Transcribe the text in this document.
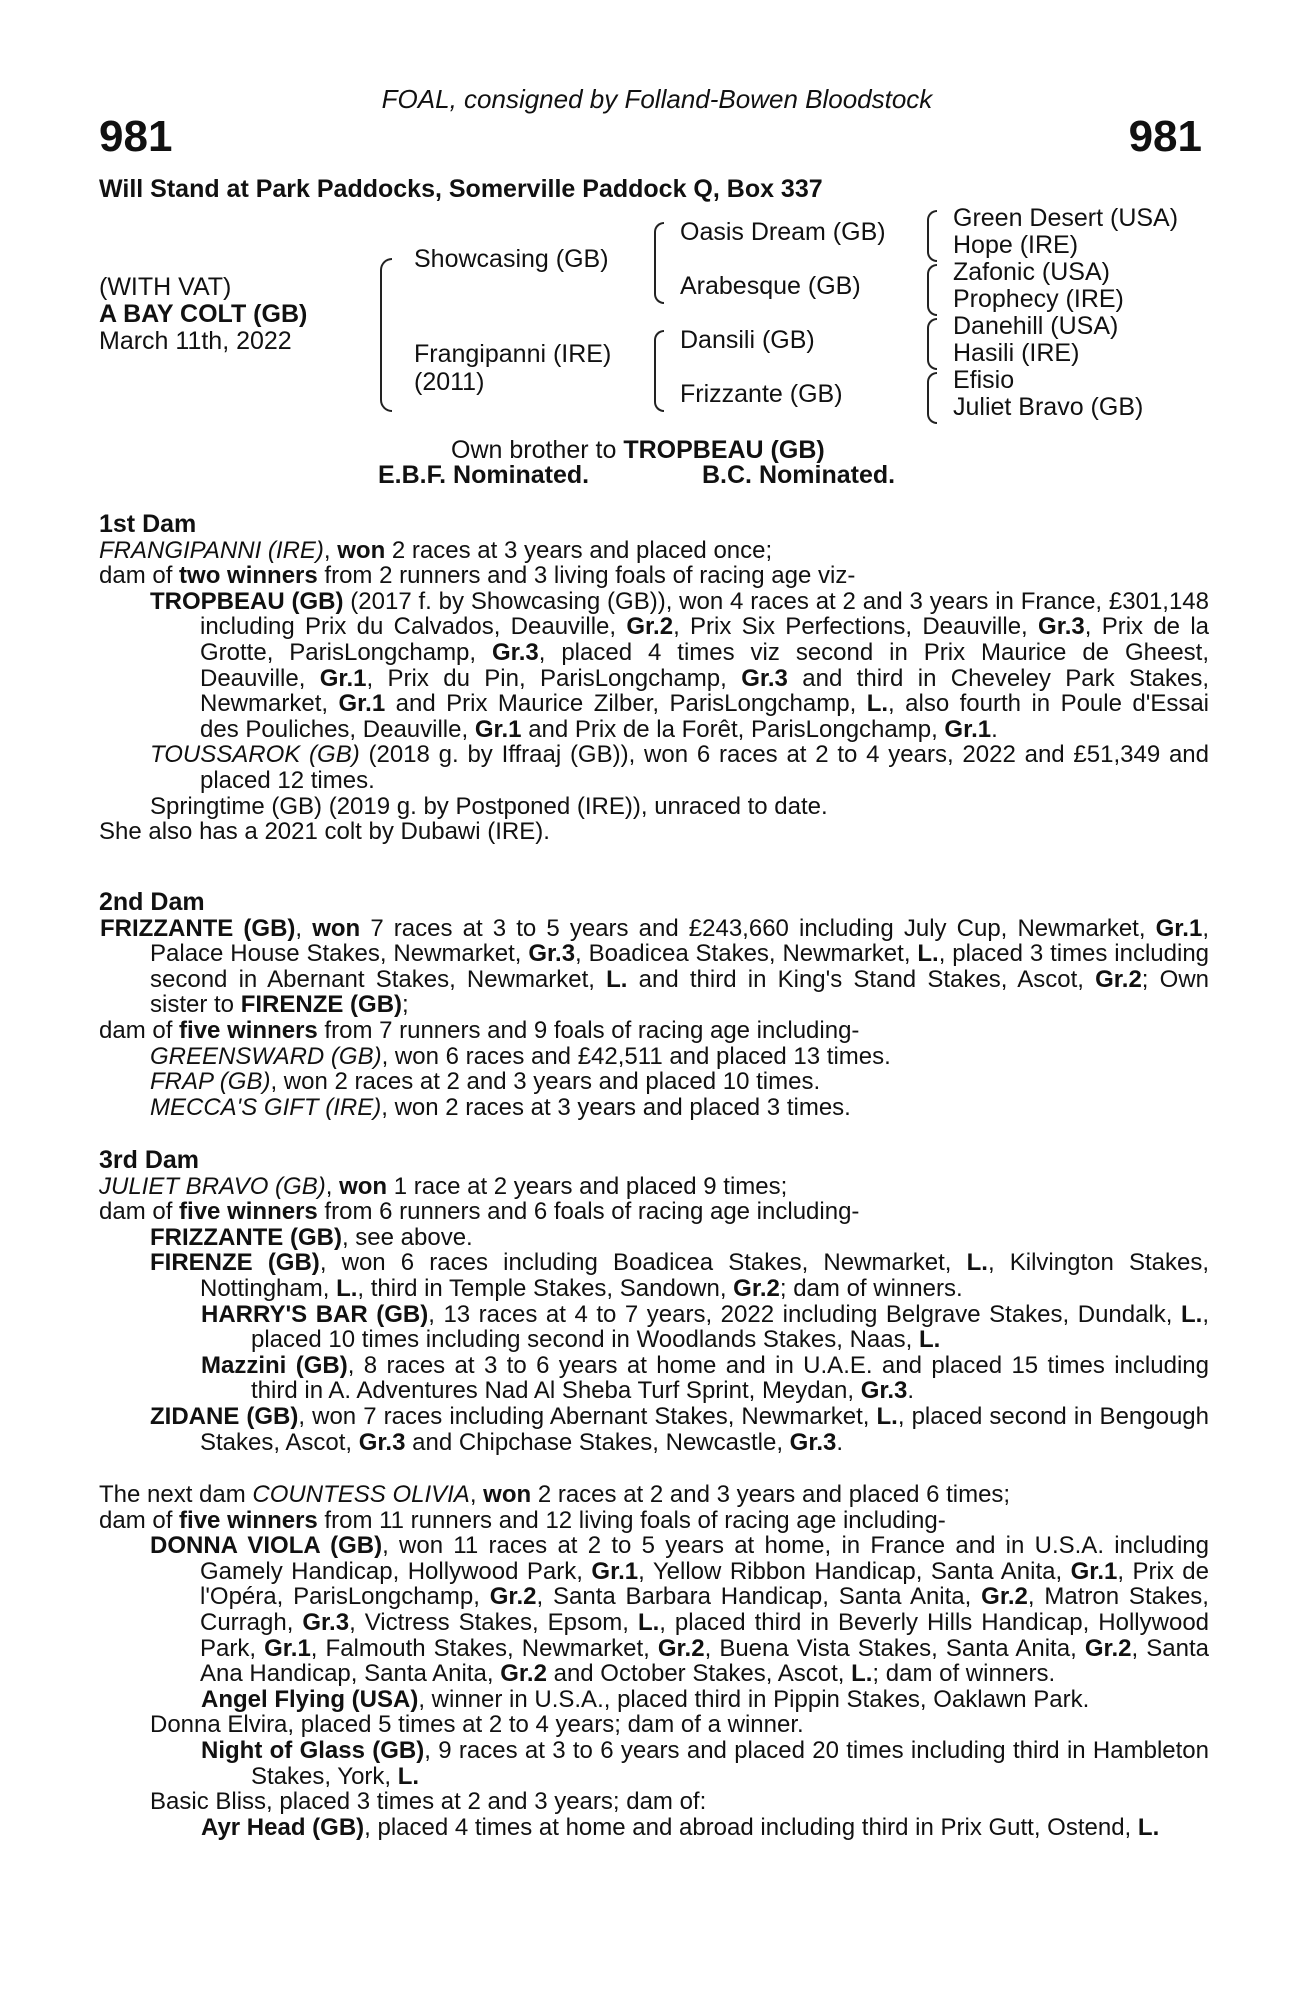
FOAL, consigned by Folland-Bowen Bloodstock
981	981
Will Stand at Park Paddocks, Somerville Paddock Q, Box 337
(WITH VAT)
A BAY COLT (GB)
March 11th, 2022
Showcasing (GB)
Frangipanni (IRE)
(2011)
Oasis Dream (GB)
Arabesque (GB)
Dansili (GB)
Frizzante (GB)
Green Desert (USA)
Hope (IRE)
Zafonic (USA)
Prophecy (IRE)
Danehill (USA)
Hasili (IRE)
Efisio
Juliet Bravo (GB)
Own brother to TROPBEAU (GB)
E.B.F. Nominated.	B.C. Nominated.

1st Dam

FRANGIPANNI (IRE), won 2 races at 3 years and placed once;

dam of two winners from 2 runners and 3 living foals of racing age viz-

TROPBEAU (GB) (2017 f. by Showcasing (GB)), won 4 races at 2 and 3 years in France, £301,148 including Prix du Calvados, Deauville, Gr.2, Prix Six Perfections, Deauville, Gr.3, Prix de la Grotte, ParisLongchamp, Gr.3, placed 4 times viz second in Prix Maurice de Gheest, Deauville, Gr.1, Prix du Pin, ParisLongchamp, Gr.3 and third in Cheveley Park Stakes, Newmarket, Gr.1 and Prix Maurice Zilber, ParisLongchamp, L., also fourth in Poule d'Essai des Pouliches, Deauville, Gr.1 and Prix de la Forêt, ParisLongchamp, Gr.1.

TOUSSAROK (GB) (2018 g. by Iffraaj (GB)), won 6 races at 2 to 4 years, 2022 and £51,349 and placed 12 times.

Springtime (GB) (2019 g. by Postponed (IRE)), unraced to date.

She also has a 2021 colt by Dubawi (IRE).

2nd Dam

FRIZZANTE (GB), won 7 races at 3 to 5 years and £243,660 including July Cup, Newmarket, Gr.1, Palace House Stakes, Newmarket, Gr.3, Boadicea Stakes, Newmarket, L., placed 3 times including second in Abernant Stakes, Newmarket, L. and third in King's Stand Stakes, Ascot, Gr.2; Own sister to FIRENZE (GB);

dam of five winners from 7 runners and 9 foals of racing age including-

GREENSWARD (GB), won 6 races and £42,511 and placed 13 times.

FRAP (GB), won 2 races at 2 and 3 years and placed 10 times.

MECCA'S GIFT (IRE), won 2 races at 3 years and placed 3 times.

3rd Dam

JULIET BRAVO (GB), won 1 race at 2 years and placed 9 times;

dam of five winners from 6 runners and 6 foals of racing age including-

FRIZZANTE (GB), see above.

FIRENZE (GB), won 6 races including Boadicea Stakes, Newmarket, L., Kilvington Stakes, Nottingham, L., third in Temple Stakes, Sandown, Gr.2; dam of winners.

HARRY'S BAR (GB), 13 races at 4 to 7 years, 2022 including Belgrave Stakes, Dundalk, L., placed 10 times including second in Woodlands Stakes, Naas, L.

Mazzini (GB), 8 races at 3 to 6 years at home and in U.A.E. and placed 15 times including third in A. Adventures Nad Al Sheba Turf Sprint, Meydan, Gr.3.

ZIDANE (GB), won 7 races including Abernant Stakes, Newmarket, L., placed second in Bengough Stakes, Ascot, Gr.3 and Chipchase Stakes, Newcastle, Gr.3.

The next dam COUNTESS OLIVIA, won 2 races at 2 and 3 years and placed 6 times;

dam of five winners from 11 runners and 12 living foals of racing age including-

DONNA VIOLA (GB), won 11 races at 2 to 5 years at home, in France and in U.S.A. including Gamely Handicap, Hollywood Park, Gr.1, Yellow Ribbon Handicap, Santa Anita, Gr.1, Prix de l'Opéra, ParisLongchamp, Gr.2, Santa Barbara Handicap, Santa Anita, Gr.2, Matron Stakes, Curragh, Gr.3, Victress Stakes, Epsom, L., placed third in Beverly Hills Handicap, Hollywood Park, Gr.1, Falmouth Stakes, Newmarket, Gr.2, Buena Vista Stakes, Santa Anita, Gr.2, Santa Ana Handicap, Santa Anita, Gr.2 and October Stakes, Ascot, L.; dam of winners.

Angel Flying (USA), winner in U.S.A., placed third in Pippin Stakes, Oaklawn Park.

Donna Elvira, placed 5 times at 2 to 4 years; dam of a winner.

Night of Glass (GB), 9 races at 3 to 6 years and placed 20 times including third in Hambleton Stakes, York, L.

Basic Bliss, placed 3 times at 2 and 3 years; dam of:

Ayr Head (GB), placed 4 times at home and abroad including third in Prix Gutt, Ostend, L.
